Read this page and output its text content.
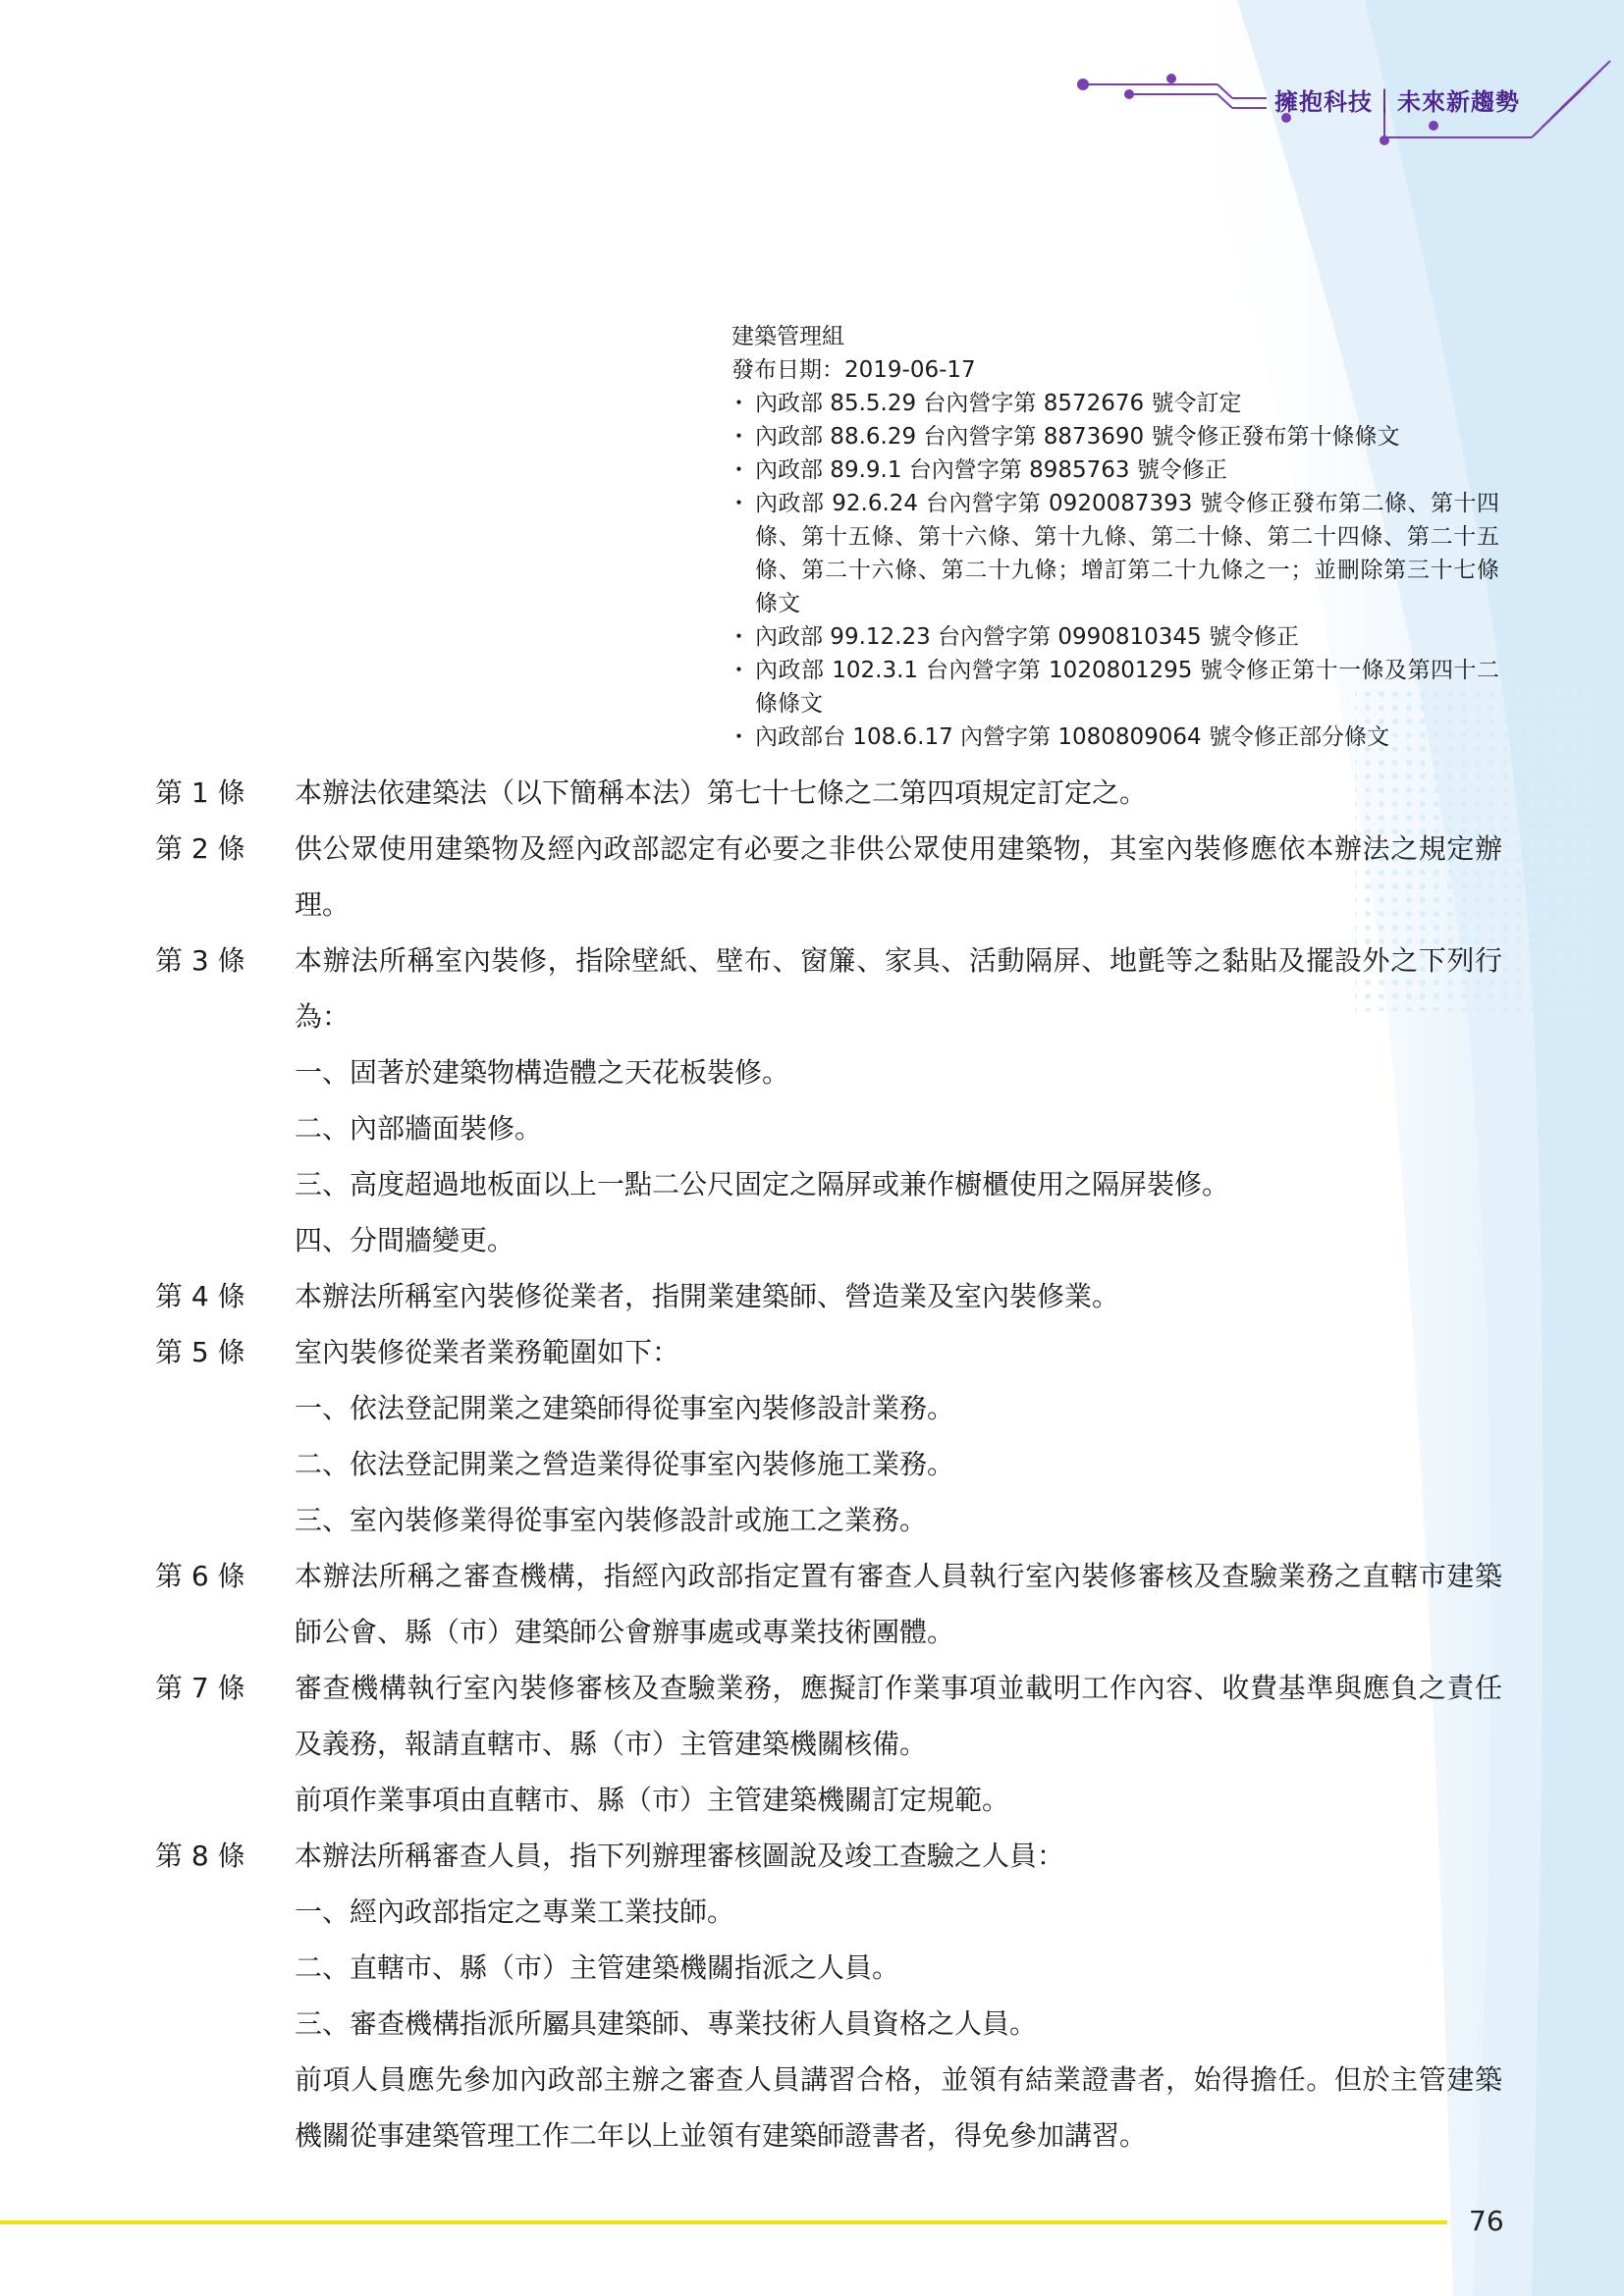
擁抱科技｜未來新趨勢
建築管理組
發布日期：2019-06-17
・ 內政部 85.5.29 台內營字第 8572676 號令訂定
・ 內政部 88.6.29 台內營字第 8873690 號令修正發布第十條條文
・ 內政部 89.9.1 台內營字第 8985763 號令修正
・ 內政部 92.6.24 台內營字第 0920087393 號令修正發布第二條、第十四條、第十五條、第十六條、第十九條、第二十條、第二十四條、第二十五條、第二十六條、第二十九條；增訂第二十九條之一；並刪除第三十七條條文
・ 內政部 99.12.23 台內營字第 0990810345 號令修正
・ 內政部 102.3.1 台內營字第 1020801295 號令修正第十一條及第四十二條條文
・ 內政部台 108.6.17 內營字第 1080809064 號令修正部分條文
第 1 條	本辦法依建築法（以下簡稱本法）第七十七條之二第四項規定訂定之。
第 2 條	供公眾使用建築物及經內政部認定有必要之非供公眾使用建築物，其室內裝修應依本辦法之規定辦理。
第 3 條	本辦法所稱室內裝修，指除壁紙、壁布、窗簾、家具、活動隔屏、地氈等之黏貼及擺設外之下列行為：
一、固著於建築物構造體之天花板裝修。
二、內部牆面裝修。
三、高度超過地板面以上一點二公尺固定之隔屏或兼作櫥櫃使用之隔屏裝修。
四、分間牆變更。
第 4 條	本辦法所稱室內裝修從業者，指開業建築師、營造業及室內裝修業。
第 5 條	室內裝修從業者業務範圍如下：
一、依法登記開業之建築師得從事室內裝修設計業務。
二、依法登記開業之營造業得從事室內裝修施工業務。
三、室內裝修業得從事室內裝修設計或施工之業務。
第 6 條	本辦法所稱之審查機構，指經內政部指定置有審查人員執行室內裝修審核及查驗業務之直轄市建築師公會、縣（市）建築師公會辦事處或專業技術團體。
第 7 條	審查機構執行室內裝修審核及查驗業務，應擬訂作業事項並載明工作內容、收費基準與應負之責任及義務，報請直轄市、縣（市）主管建築機關核備。
前項作業事項由直轄市、縣（市）主管建築機關訂定規範。
第 8 條	本辦法所稱審查人員，指下列辦理審核圖說及竣工查驗之人員：
一、經內政部指定之專業工業技師。
二、直轄市、縣（市）主管建築機關指派之人員。
三、審查機構指派所屬具建築師、專業技術人員資格之人員。
前項人員應先參加內政部主辦之審查人員講習合格，並領有結業證書者，始得擔任。但於主管建築機關從事建築管理工作二年以上並領有建築師證書者，得免參加講習。
76
